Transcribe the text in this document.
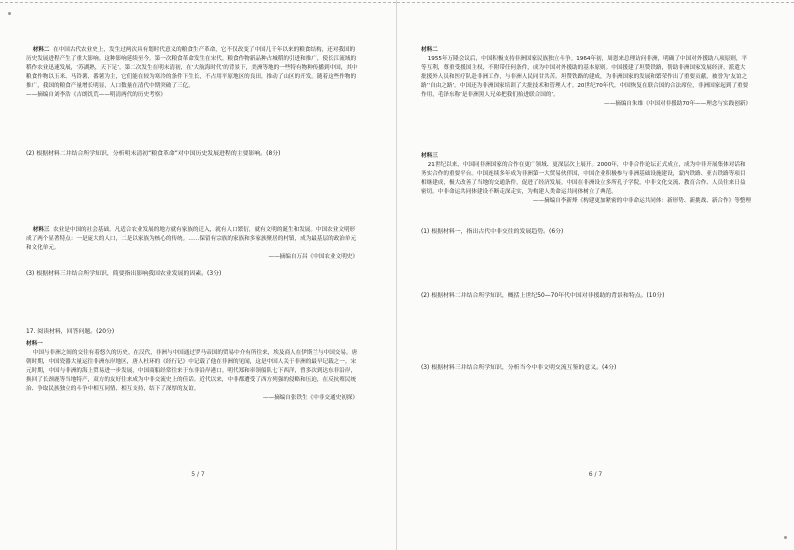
材料二 在中国古代农业史上，发生过两次具有划时代意义的粮食生产革命，它不仅改变了中国几千年以来的粮食结构，还对我国的历史发展进程产生了重大影响。这种影响延续至今。第一次粮食革命发生在宋代。粮食作物新品种占城稻的引进和推广，使长江流域的稻作农业迅速发展，‘苏湖熟，天下足’。第二次发生在明末清初，在‘大航海时代’的背景下，美洲等地的一些特有物种传播到中国，其中粮食作物以玉米、马铃薯、番薯为主，它们能在较为寒冷的条件下生长，不占用平原地区的良田，推动了山区的开发。随着这些作物的推广，我国的粮食产量增长明显，人口数量在清代中期突破了三亿。

——摘编自刘李浩《吉朗饥荒——明清两代的历史考察》

(2) 根据材料二并结合所学知识，分析明末清初“粮食革命”对中国历史发展进程的主要影响。(8分)

材料三 农业是中国的社会基础。凡适合农业发展的地方就有家族的迁入，就有人口繁衍，就有文明的诞生和发展。中国农业文明形成了两个显著特点：一是庞大的人口，二是以家族为核心的传统。……保留有宗族的家族和多家族聚居的村镇，成为最基层的政治单元和文化单元。

——摘编自万昌《中国农业文明史》

(3) 根据材料三并结合所学知识，简要指出影响我国农业发展的因素。(3分)
17. 阅读材料，回答问题。(20分)

材料一

中国与非洲之间的交往有着悠久的历史。在汉代，非洲与中国通过罗马帝国的贸易中介有所往来，埃及商人在伊斯兰与中国交易。唐朝时期，中国瓷器大量运往非洲东岸地区，唐人杜环的《经行记》中记载了他在非洲的见闻，这是中国人关于非洲的最早记载之一。宋元时期，中国与非洲的海上贸易进一步发展，中国商船经常往来于东非沿岸港口。明代郑和率领船队七下西洋，曾多次到达东非沿岸，换回了长颈鹿等当地特产，双方的友好往来成为中非交流史上的佳话。近代以来，中非都遭受了西方列强的侵略和压迫，在反抗殖民统治、争取民族独立的斗争中相互同情、相互支持，结下了深厚的友谊。

——摘编自张铁生《中非交通史初探》

5 / 7

材料二

1955年万隆会议后，中国积极支持非洲国家民族独立斗争。1964年初，周恩来总理访问非洲，明确了中国对外援助八项原则，平等互利，尊重受援国主权，不附带任何条件，成为中国对外援助的基本原则。中国援建了坦赞铁路，帮助非洲国家发展经济，派遣大批援外人员和医疗队赴非洲工作，与非洲人民同甘共苦。坦赞铁路的建成，为非洲国家的发展和繁荣作出了重要贡献，被誉为‘友谊之路’‘自由之路’。中国还为非洲国家培训了大批技术和管理人才。20世纪70年代，中国恢复在联合国的合法席位，非洲国家起到了重要作用，毛泽东称‘是非洲黑人兄弟把我们抬进联合国的’。

——摘编自朱维《中国对非援助70年——理念与实践创新》

材料三

21世纪以来，中国同非洲国家的合作在更广领域、更深层次上展开。2000年，中非合作论坛正式成立，成为中非开展集体对话和务实合作的重要平台。中国连续多年成为非洲第一大贸易伙伴国，中国企业积极参与非洲基础设施建设，蒙内铁路、亚吉铁路等项目相继建成，极大改善了当地的交通条件，促进了经济发展。中国在非洲设立多所孔子学院，中非文化交流、教育合作、人员往来日益密切。中非命运共同体建设不断走深走实，为构建人类命运共同体树立了典范。

——摘编自李新烽《构建更加紧密的中非命运共同体：新形势、新挑战、新合作》等整理

(1) 根据材料一，指出古代中非交往的发展趋势。(6分)
(2) 根据材料二并结合所学知识，概括上世纪50—70年代中国对非援助的背景和特点。(10分)
(3) 根据材料三并结合所学知识，分析当今中非文明交流互鉴的意义。(4分)
6 / 7
